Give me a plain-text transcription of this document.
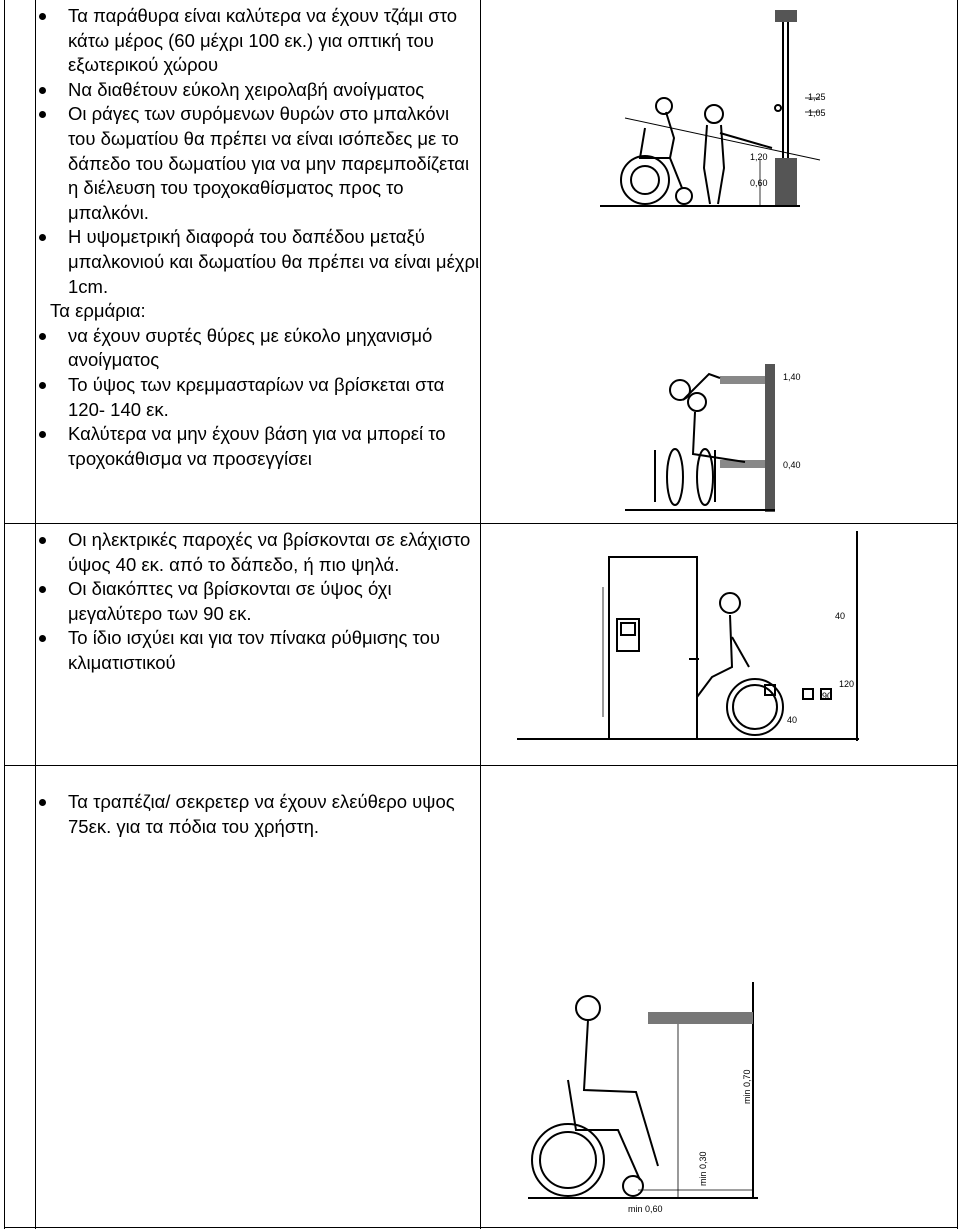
Τα παράθυρα είναι καλύτερα να έχουν τζάμι στο κάτω μέρος (60 μέχρι 100 εκ.) για οπτική του εξωτερικού χώρου
Να διαθέτουν εύκολη χειρολαβή ανοίγματος
Οι ράγες των συρόμενων θυρών στο μπαλκόνι του δωματίου θα πρέπει να είναι ισόπεδες με το δάπεδο του δωματίου για να μην παρεμποδίζεται η διέλευση του τροχοκαθίσματος προς το μπαλκόνι.
Η υψομετρική διαφορά του δαπέδου μεταξύ μπαλκονιού και δωματίου θα πρέπει να είναι μέχρι 1cm.
Τα ερμάρια:
να έχουν συρτές θύρες με εύκολο μηχανισμό ανοίγματος
Το ύψος των κρεμμασταρίων να βρίσκεται στα 120- 140 εκ.
Καλύτερα να μην έχουν βάση για να μπορεί το τροχοκάθισμα να προσεγγίσει
Οι ηλεκτρικές παροχές να βρίσκονται σε ελάχιστο ύψος 40 εκ. από το δάπεδο, ή πιο ψηλά.
Οι διακόπτες να βρίσκονται σε ύψος όχι μεγαλύτερο των 90 εκ.
Το ίδιο ισχύει και για τον πίνακα ρύθμισης του κλιματιστικού
Τα τραπέζια/ σεκρετερ να έχουν ελεύθερο υψος 75εκ. για τα πόδια του χρήστη.
1,25
1,05
1,20
0,60
1,40
0,40
40
90
120
40
min 0,70
min 0,30
min 0,60
